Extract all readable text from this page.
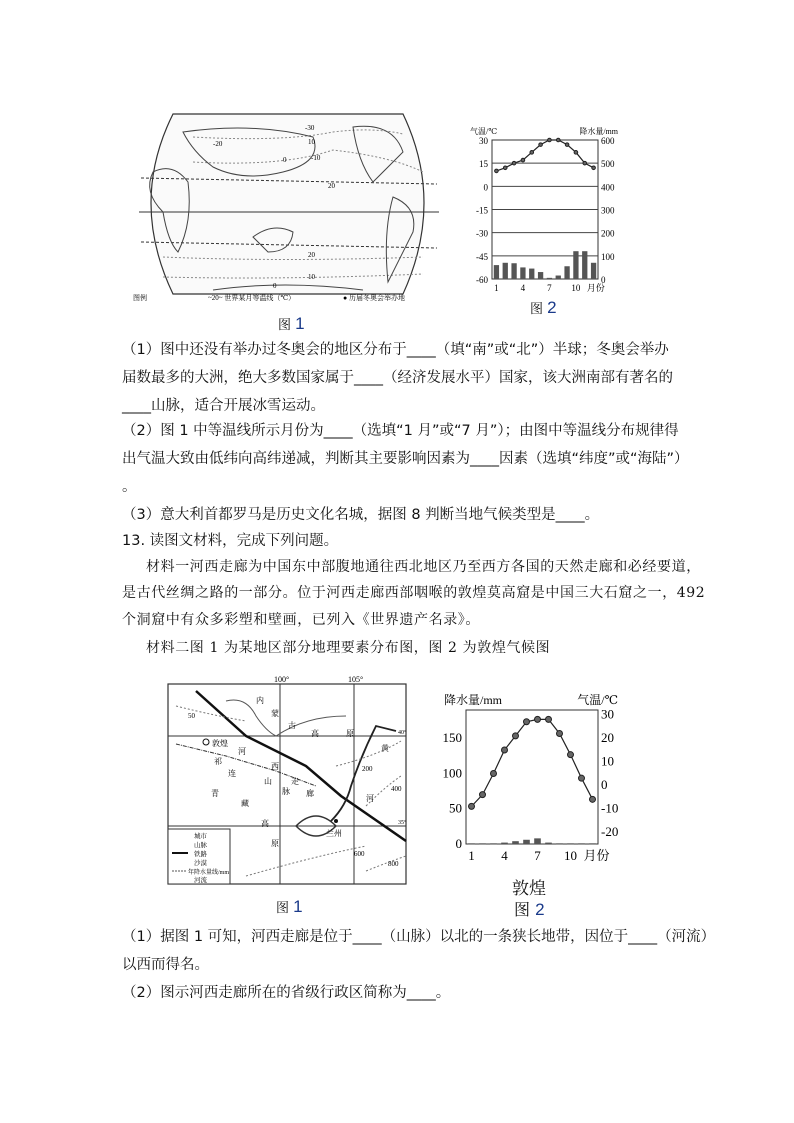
图例	~20~ 世界某月等温线（℃）	● 历届冬奥会举办地
-30
-20
-10
0
10
20
20
10
0
图 1
30
15
0
-15
-30
-45
-60
600
500
400
300
200
100
0
1 4 7 10 月份
气温/℃	降水量/mm
图 2
（1）图中还没有举办过冬奥会的地区分布于____（填“南”或“北”）半球；冬奥会举办
届数最多的大洲，绝大多数国家属于____（经济发展水平）国家，该大洲南部有著名的
____山脉，适合开展冰雪运动。
（2）图 1 中等温线所示月份为____（选填“1 月”或“7 月”）；由图中等温线分布规律得
出气温大致由低纬向高纬递减，判断其主要影响因素为____因素（选填“纬度”或“海陆”）
。
（3）意大利首都罗马是历史文化名城，据图 8 判断当地气候类型是____。
13. 读图文材料，完成下列问题。
材料一河西走廊为中国东中部腹地通往西北地区乃至西方各国的天然走廊和必经要道，
是古代丝绸之路的一部分。位于河西走廊西部咽喉的敦煌莫高窟是中国三大石窟之一，492
个洞窟中有众多彩塑和壁画，已列入《世界遗产名录》。
材料二图 1 为某地区部分地理要素分布图，图 2 为敦煌气候图
100°	105°
40°
35°
内
蒙
古
高	原
敦煌
河
西
走
廊
祁
连
山
脉
青
藏
高
原
黄
河
兰州
50
200
400
600
800
城市
山脉
铁路
沙漠
年降水量线/mm
河流
图 1
150
100
50
0
30
20
10
0
-10
-20
1 4 7 10 月份
降水量/mm	气温/℃
敦煌
图 2
（1）据图 1 可知，河西走廊是位于____（山脉）以北的一条狭长地带，因位于____（河流）
以西而得名。
（2）图示河西走廊所在的省级行政区简称为____。
